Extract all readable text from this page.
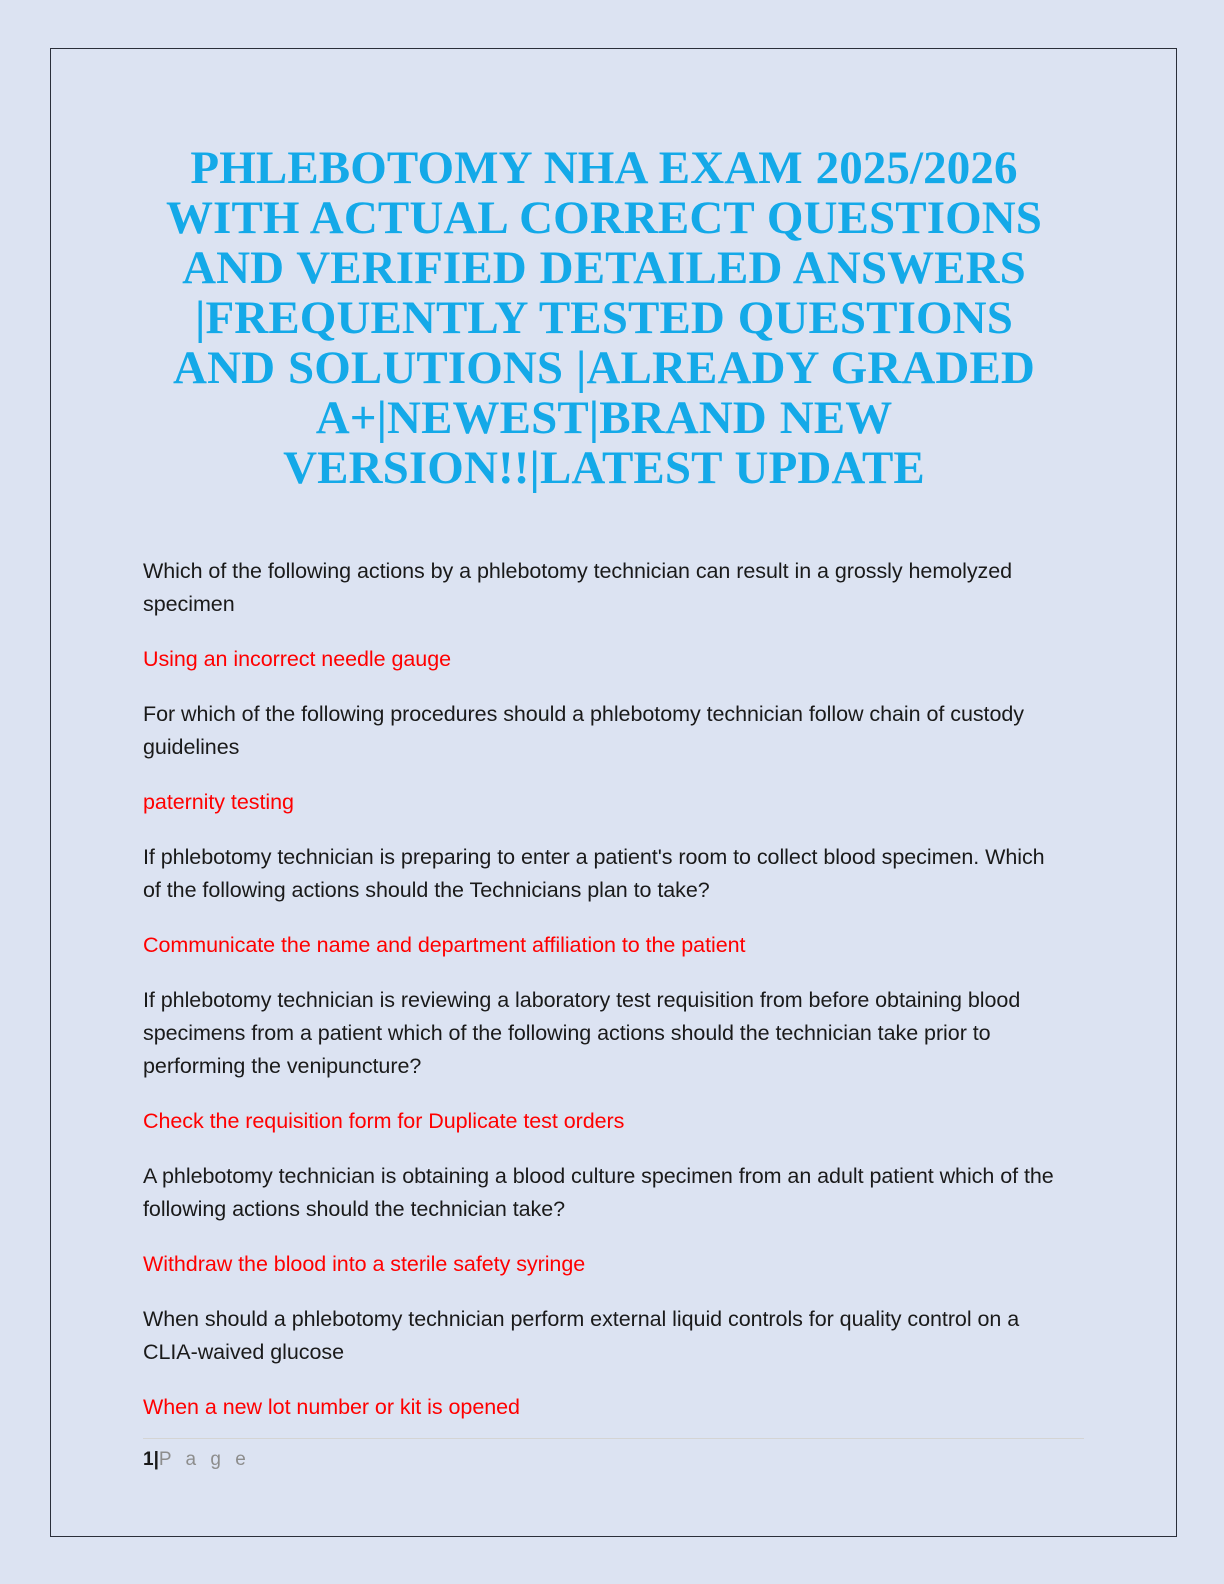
PHLEBOTOMY NHA EXAM 2025/2026 WITH ACTUAL CORRECT QUESTIONS AND VERIFIED DETAILED ANSWERS |FREQUENTLY TESTED QUESTIONS AND SOLUTIONS |ALREADY GRADED A+|NEWEST|BRAND NEW VERSION!!|LATEST UPDATE

Which of the following actions by a phlebotomy technician can result in a grossly hemolyzed specimen

Using an incorrect needle gauge

For which of the following procedures should a phlebotomy technician follow chain of custody guidelines

paternity testing

If phlebotomy technician is preparing to enter a patient's room to collect blood specimen. Which of the following actions should the Technicians plan to take?

Communicate the name and department affiliation to the patient

If phlebotomy technician is reviewing a laboratory test requisition from before obtaining blood specimens from a patient which of the following actions should the technician take prior to performing the venipuncture?

Check the requisition form for Duplicate test orders

A phlebotomy technician is obtaining a blood culture specimen from an adult patient which of the following actions should the technician take?

Withdraw the blood into a sterile safety syringe

When should a phlebotomy technician perform external liquid controls for quality control on a CLIA-waived glucose

When a new lot number or kit is opened

1|P a g e
